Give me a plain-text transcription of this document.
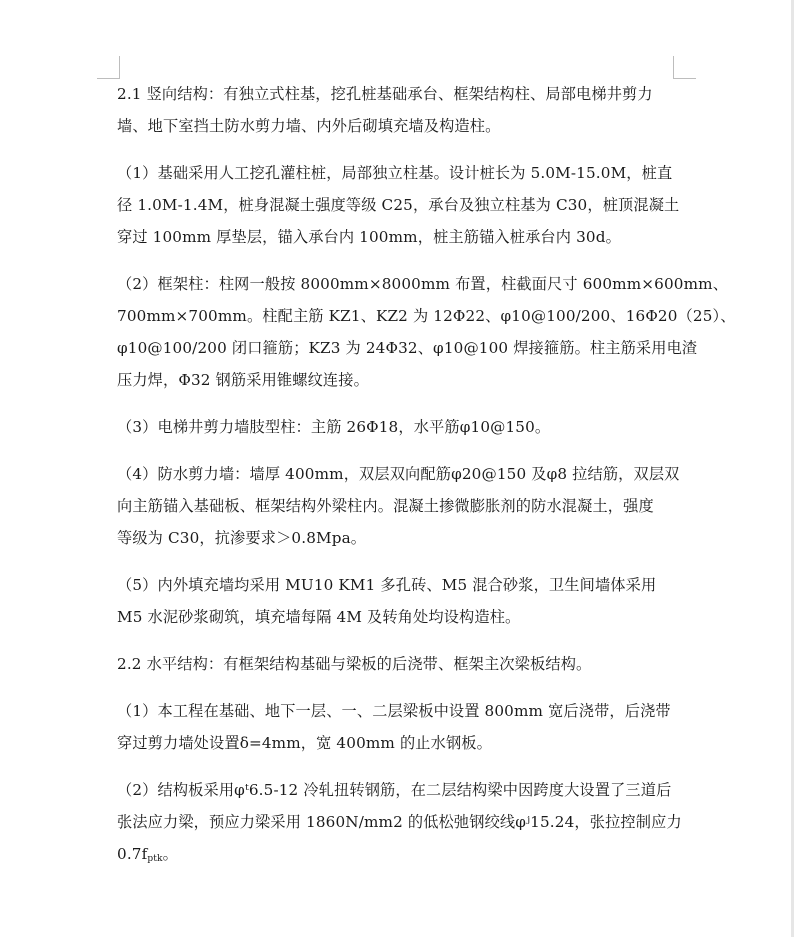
2.1 竖向结构：有独立式柱基，挖孔桩基础承台、框架结构柱、局部电梯井剪力
墙、地下室挡土防水剪力墙、内外后砌填充墙及构造柱。

（1）基础采用人工挖孔灌柱桩，局部独立柱基。设计桩长为 5.0M-15.0M，桩直
径 1.0M-1.4M，桩身混凝土强度等级 C25，承台及独立柱基为 C30，桩顶混凝土
穿过 100mm 厚垫层，锚入承台内 100mm，桩主筋锚入桩承台内 30d。

（2）框架柱：柱网一般按 8000mm×8000mm 布置，柱截面尺寸 600mm×600mm、
700mm×700mm。柱配主筋 KZ1、KZ2 为 12Φ22、φ10@100/200、16Φ20（25）、
φ10@100/200 闭口箍筋；KZ3 为 24Φ32、φ10@100 焊接箍筋。柱主筋采用电渣
压力焊，Φ32 钢筋采用锥螺纹连接。

（3）电梯井剪力墙肢型柱：主筋 26Φ18，水平筋φ10@150。

（4）防水剪力墙：墙厚 400mm，双层双向配筋φ20@150 及φ8 拉结筋，双层双
向主筋锚入基础板、框架结构外梁柱内。混凝土掺微膨胀剂的防水混凝土，强度
等级为 C30，抗渗要求＞0.8Mpa。

（5）内外填充墙均采用 MU10 KM1 多孔砖、M5 混合砂浆，卫生间墙体采用
M5 水泥砂浆砌筑，填充墙每隔 4M 及转角处均设构造柱。

2.2 水平结构：有框架结构基础与梁板的后浇带、框架主次梁板结构。

（1）本工程在基础、地下一层、一、二层梁板中设置 800mm 宽后浇带，后浇带
穿过剪力墙处设置δ=4mm，宽 400mm 的止水钢板。

（2）结构板采用φᵗ6.5-12 冷轧扭转钢筋，在二层结构梁中因跨度大设置了三道后
张法应力梁，预应力梁采用 1860N/mm2 的低松弛钢绞线φʲ15.24，张拉控制应力
$0.7f_{ptk}$。
